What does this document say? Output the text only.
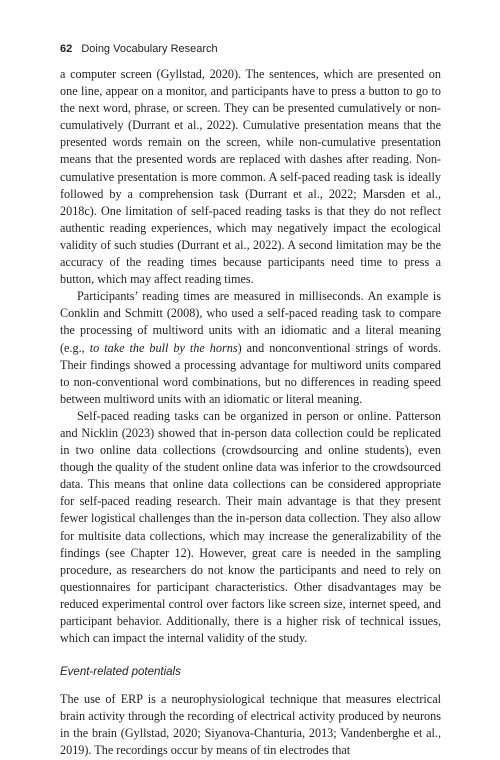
62 Doing Vocabulary Research

a computer screen (Gyllstad, 2020). The sentences, which are presented on one line, appear on a monitor, and participants have to press a button to go to the next word, phrase, or screen. They can be presented cumulatively or non-cumulatively (Durrant et al., 2022). Cumulative presentation means that the presented words remain on the screen, while non-cumulative presentation means that the presented words are replaced with dashes after reading. Non-cumulative presentation is more common. A self-paced reading task is ideally followed by a comprehension task (Durrant et al., 2022; Marsden et al., 2018c). One limitation of self-paced reading tasks is that they do not reflect authentic reading experiences, which may negatively impact the ecological validity of such studies (Durrant et al., 2022). A second limitation may be the accuracy of the reading times because participants need time to press a button, which may affect reading times.

Participants’ reading times are measured in milliseconds. An example is Conklin and Schmitt (2008), who used a self-paced reading task to compare the processing of multiword units with an idiomatic and a literal meaning (e.g., to take the bull by the horns) and nonconventional strings of words. Their findings showed a processing advantage for multiword units compared to non-conventional word combinations, but no differences in reading speed between multiword units with an idiomatic or literal meaning.

Self-paced reading tasks can be organized in person or online. Patterson and Nicklin (2023) showed that in-person data collection could be replicated in two online data collections (crowdsourcing and online students), even though the quality of the student online data was inferior to the crowdsourced data. This means that online data collections can be considered appropriate for self-paced reading research. Their main advantage is that they present fewer logistical challenges than the in-person data collection. They also allow for multisite data collections, which may increase the generalizability of the findings (see Chapter 12). However, great care is needed in the sampling procedure, as researchers do not know the participants and need to rely on questionnaires for participant characteristics. Other disadvantages may be reduced experimental control over factors like screen size, internet speed, and participant behavior. Additionally, there is a higher risk of technical issues, which can impact the internal validity of the study.

Event-related potentials

The use of ERP is a neurophysiological technique that measures electrical brain activity through the recording of electrical activity produced by neurons in the brain (Gyllstad, 2020; Siyanova-Chanturia, 2013; Vandenberghe et al., 2019). The recordings occur by means of tin electrodes that
